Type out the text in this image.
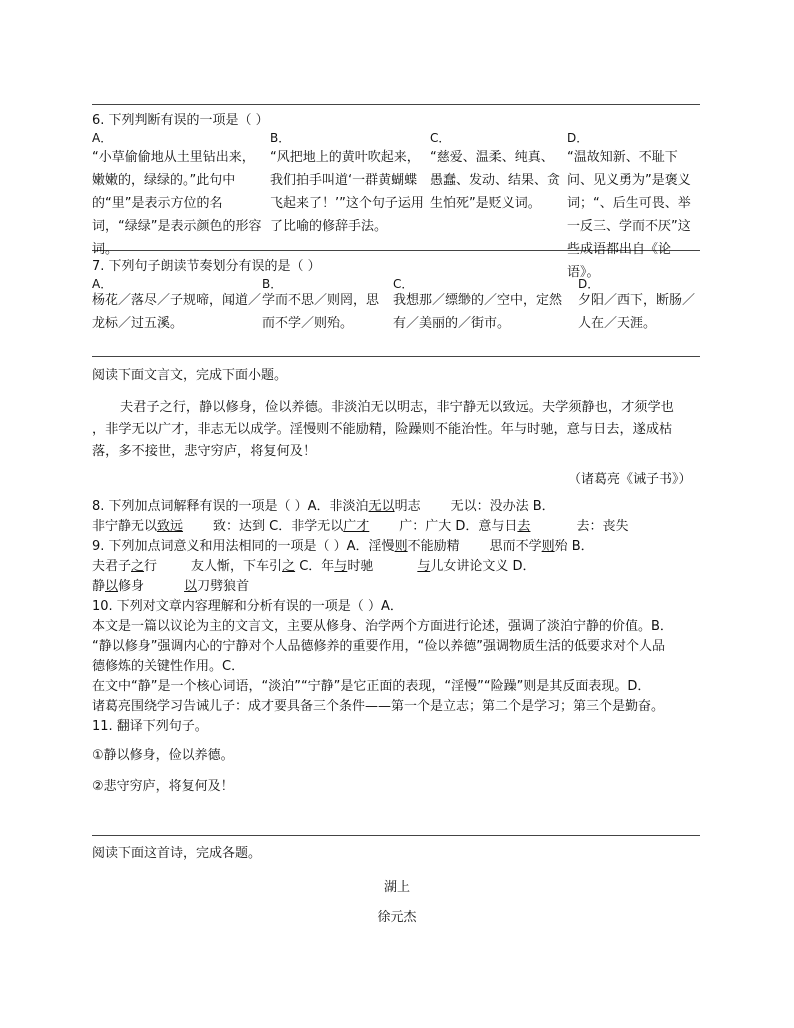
6. 下列判断有误的一项是（ ）
A．
“小草偷偷地从土里钻出来，嫩嫩的，绿绿的。”此句中的“里”是表示方位的名词，“绿绿”是表示颜色的形容词。
B．
“风把地上的黄叶吹起来，我们拍手叫道‘一群黄蝴蝶飞起来了！’”这个句子运用了比喻的修辞手法。
C．
“慈爱、温柔、纯真、愚蠢、发动、结果、贪生怕死”是贬义词。
D．
“温故知新、不耻下问、见义勇为”是褒义词；“、后生可畏、举一反三、学而不厌”这些成语都出自《论语》。
7. 下列句子朗读节奏划分有误的是（ ）
A．
杨花／落尽／子规啼，闻道／龙标／过五溪。
B．
学而不思／则罔，思而不学／则殆。
C．
我想那／缥缈的／空中，定然有／美丽的／街市。
D．
夕阳／西下，断肠／人在／天涯。
阅读下面文言文，完成下面小题。
夫君子之行，静以修身，俭以养德。非淡泊无以明志，非宁静无以致远。夫学须静也，才须学也
，非学无以广才，非志无以成学。淫慢则不能励精，险躁则不能治性。年与时驰，意与日去，遂成枯
落，多不接世，悲守穷庐，将复何及！
（诸葛亮《诫子书》）
8. 下列加点词解释有误的一项是（ ）A．非淡泊无以明志 无以：没办法 B．
非宁静无以致远 致：达到 C．非学无以广才 广：广大 D．意与日去	去：丧失
9. 下列加点词意义和用法相同的一项是（ ）A．淫慢则不能励精 思而不学则殆 B．
夫君子之行	友人惭，下车引之 C．年与时驰	与儿女讲论文义 D．
静以修身	以刀劈狼首
10. 下列对文章内容理解和分析有误的一项是（ ）A．
本文是一篇以议论为主的文言文，主要从修身、治学两个方面进行论述，强调了淡泊宁静的价值。B．
“静以修身”强调内心的宁静对个人品德修养的重要作用，“俭以养德”强调物质生活的低要求对个人品
德修炼的关键性作用。C．
在文中“静”是一个核心词语，“淡泊”“宁静”是它正面的表现，“淫慢”“险躁”则是其反面表现。D．
诸葛亮围绕学习告诫儿子：成才要具备三个条件——第一个是立志；第二个是学习；第三个是勤奋。
11. 翻译下列句子。
①静以修身，俭以养德。
②悲守穷庐，将复何及！
阅读下面这首诗，完成各题。
湖上
徐元杰
